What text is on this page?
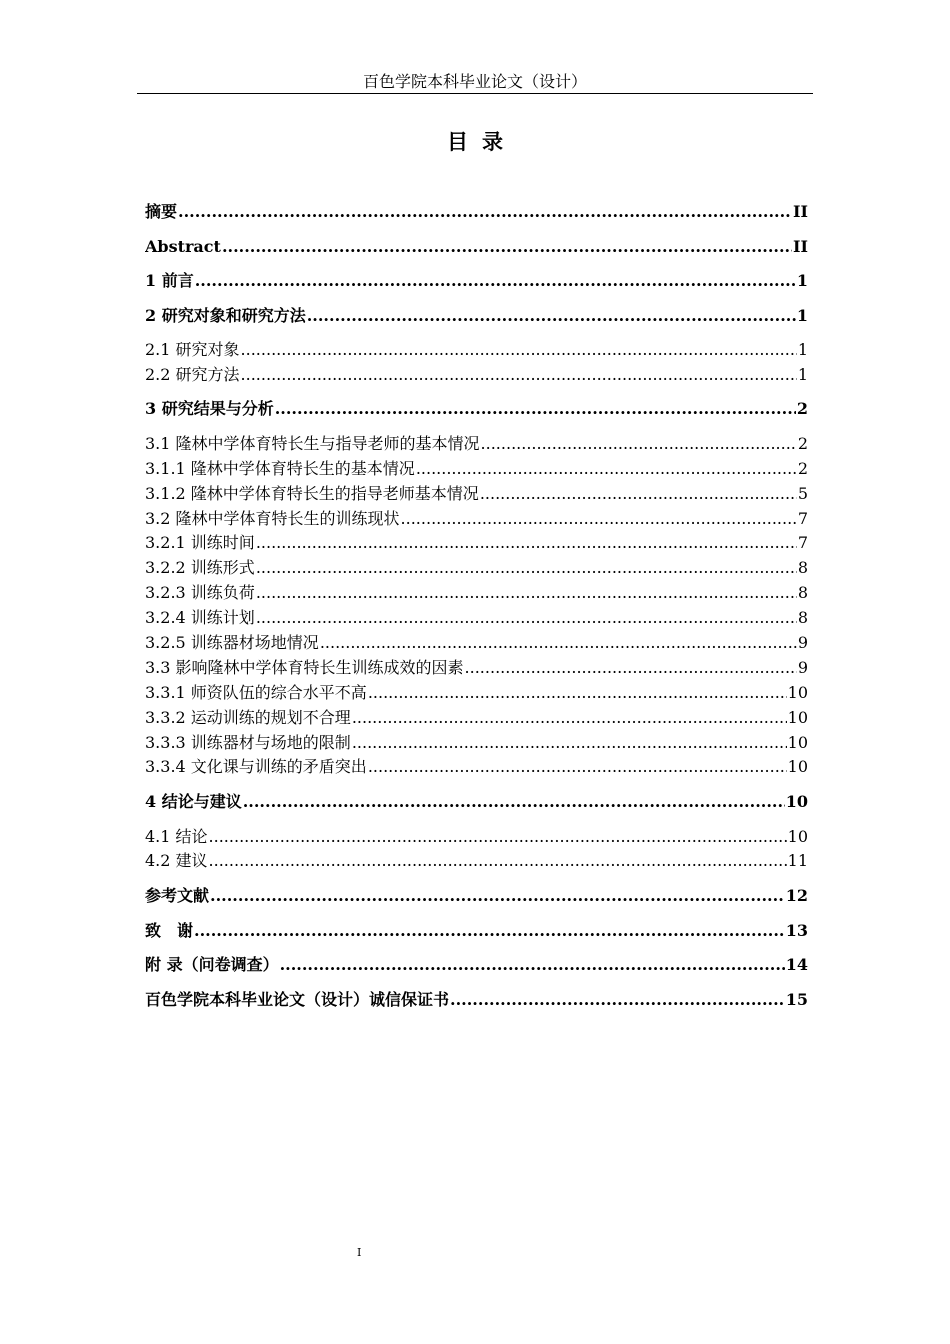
百色学院本科毕业论文（设计）
目录
摘要 .....	II
Abstract .....	II
1 前言 .....	1
2 研究对象和研究方法 .....	1
2.1 研究对象 .....	1
2.2 研究方法 .....	1
3 研究结果与分析 .....	2
3.1 隆林中学体育特长生与指导老师的基本情况 .....	2
3.1.1 隆林中学体育特长生的基本情况 .....	2
3.1.2 隆林中学体育特长生的指导老师基本情况 .....	5
3.2 隆林中学体育特长生的训练现状 .....	7
3.2.1 训练时间 .....	7
3.2.2 训练形式 .....	8
3.2.3 训练负荷 .....	8
3.2.4 训练计划 .....	8
3.2.5 训练器材场地情况 .....	9
3.3 影响隆林中学体育特长生训练成效的因素 .....	9
3.3.1 师资队伍的综合水平不高 .....	10
3.3.2 运动训练的规划不合理 .....	10
3.3.3 训练器材与场地的限制 .....	10
3.3.4 文化课与训练的矛盾突出 .....	10
4 结论与建议 .....	10
4.1 结论 .....	10
4.2 建议 .....	11
参考文献 .....	12
致　谢 .....	13
附 录（问卷调查） .....	14
百色学院本科毕业论文（设计）诚信保证书 .....	15
I
